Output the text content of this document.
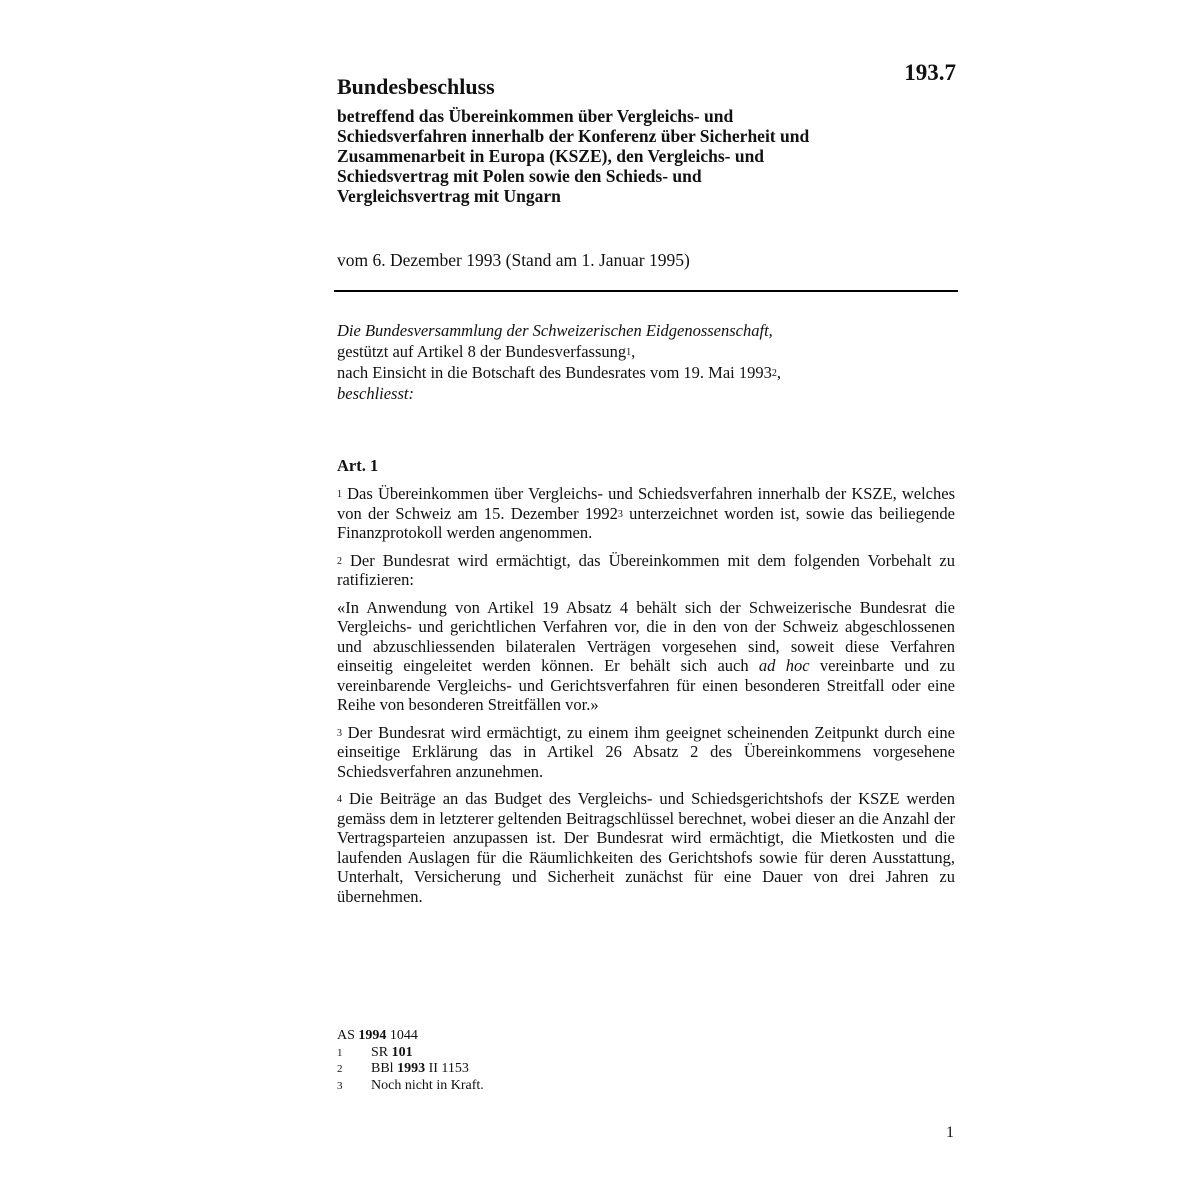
193.7
Bundesbeschluss
betreffend das Übereinkommen über Vergleichs- und
Schiedsverfahren innerhalb der Konferenz über Sicherheit und
Zusammenarbeit in Europa (KSZE), den Vergleichs- und
Schiedsvertrag mit Polen sowie den Schieds- und
Vergleichsvertrag mit Ungarn
vom 6. Dezember 1993 (Stand am 1. Januar 1995)
Die Bundesversammlung der Schweizerischen Eidgenossenschaft,
gestützt auf Artikel 8 der Bundesverfassung$^1$,
nach Einsicht in die Botschaft des Bundesrates vom 19. Mai 1993$^2$,
beschliesst:
Art. 1

$^1$ Das Übereinkommen über Vergleichs- und Schiedsverfahren innerhalb der KSZE, welches von der Schweiz am 15. Dezember 1992$^3$ unterzeichnet worden ist, sowie das beiliegende Finanzprotokoll werden angenommen.

$^2$ Der Bundesrat wird ermächtigt, das Übereinkommen mit dem folgenden Vorbehalt zu ratifizieren:

«In Anwendung von Artikel 19 Absatz 4 behält sich der Schweizerische Bundesrat die Vergleichs- und gerichtlichen Verfahren vor, die in den von der Schweiz abgeschlossenen und abzuschliessenden bilateralen Verträgen vorgesehen sind, soweit diese Verfahren einseitig eingeleitet werden können. Er behält sich auch ad hoc vereinbarte und zu vereinbarende Vergleichs- und Gerichtsverfahren für einen besonderen Streitfall oder eine Reihe von besonderen Streitfällen vor.»

$^3$ Der Bundesrat wird ermächtigt, zu einem ihm geeignet scheinenden Zeitpunkt durch eine einseitige Erklärung das in Artikel 26 Absatz 2 des Übereinkommens vorgesehene Schiedsverfahren anzunehmen.

$^4$ Die Beiträge an das Budget des Vergleichs- und Schiedsgerichtshofs der KSZE werden gemäss dem in letzterer geltenden Beitragschlüssel berechnet, wobei dieser an die Anzahl der Vertragsparteien anzupassen ist. Der Bundesrat wird ermächtigt, die Mietkosten und die laufenden Auslagen für die Räumlichkeiten des Gerichtshofs sowie für deren Ausstattung, Unterhalt, Versicherung und Sicherheit zunächst für eine Dauer von drei Jahren zu übernehmen.

AS 1994 1044
1	SR 101
2	BBl 1993 II 1153
3	Noch nicht in Kraft.
1
